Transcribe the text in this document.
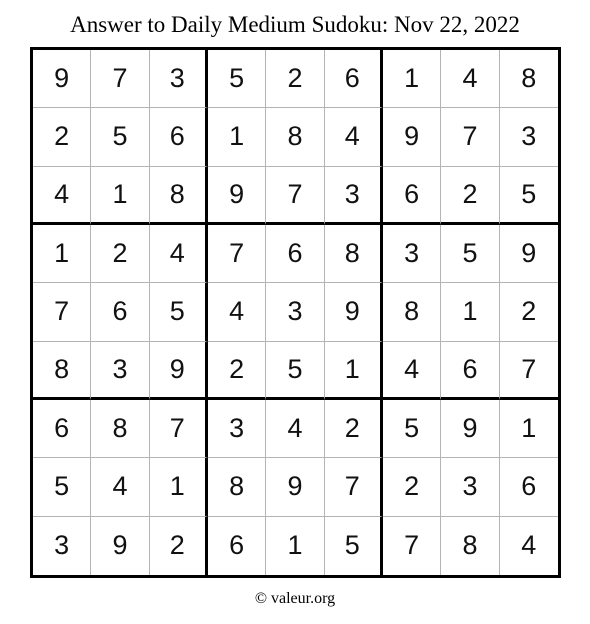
Answer to Daily Medium Sudoku: Nov 22, 2022
9	7	3	5	2	6	1	4	8
2	5	6	1	8	4	9	7	3
4	1	8	9	7	3	6	2	5
1	2	4	7	6	8	3	5	9
7	6	5	4	3	9	8	1	2
8	3	9	2	5	1	4	6	7
6	8	7	3	4	2	5	9	1
5	4	1	8	9	7	2	3	6
3	9	2	6	1	5	7	8	4
© valeur.org
